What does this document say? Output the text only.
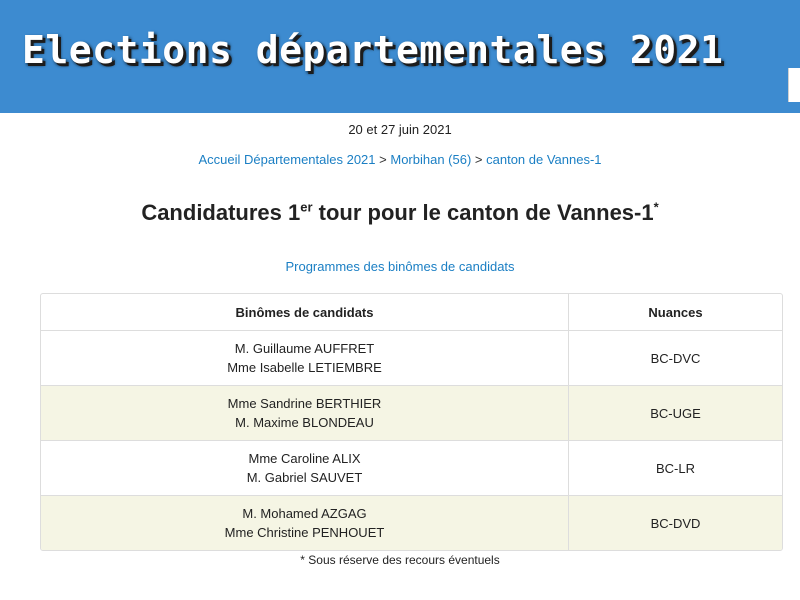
Elections départementales 2021
20 et 27 juin 2021
Accueil Départementales 2021 > Morbihan (56) > canton de Vannes-1
Candidatures 1er tour pour le canton de Vannes-1*
Programmes des binômes de candidats
Binômes de candidats	Nuances
M. Guillaume AUFFRET
Mme Isabelle LETIEMBRE
BC-DVC
Mme Sandrine BERTHIER
M. Maxime BLONDEAU
BC-UGE
Mme Caroline ALIX
M. Gabriel SAUVET
BC-LR
M. Mohamed AZGAG
Mme Christine PENHOUET
BC-DVD
* Sous réserve des recours éventuels
